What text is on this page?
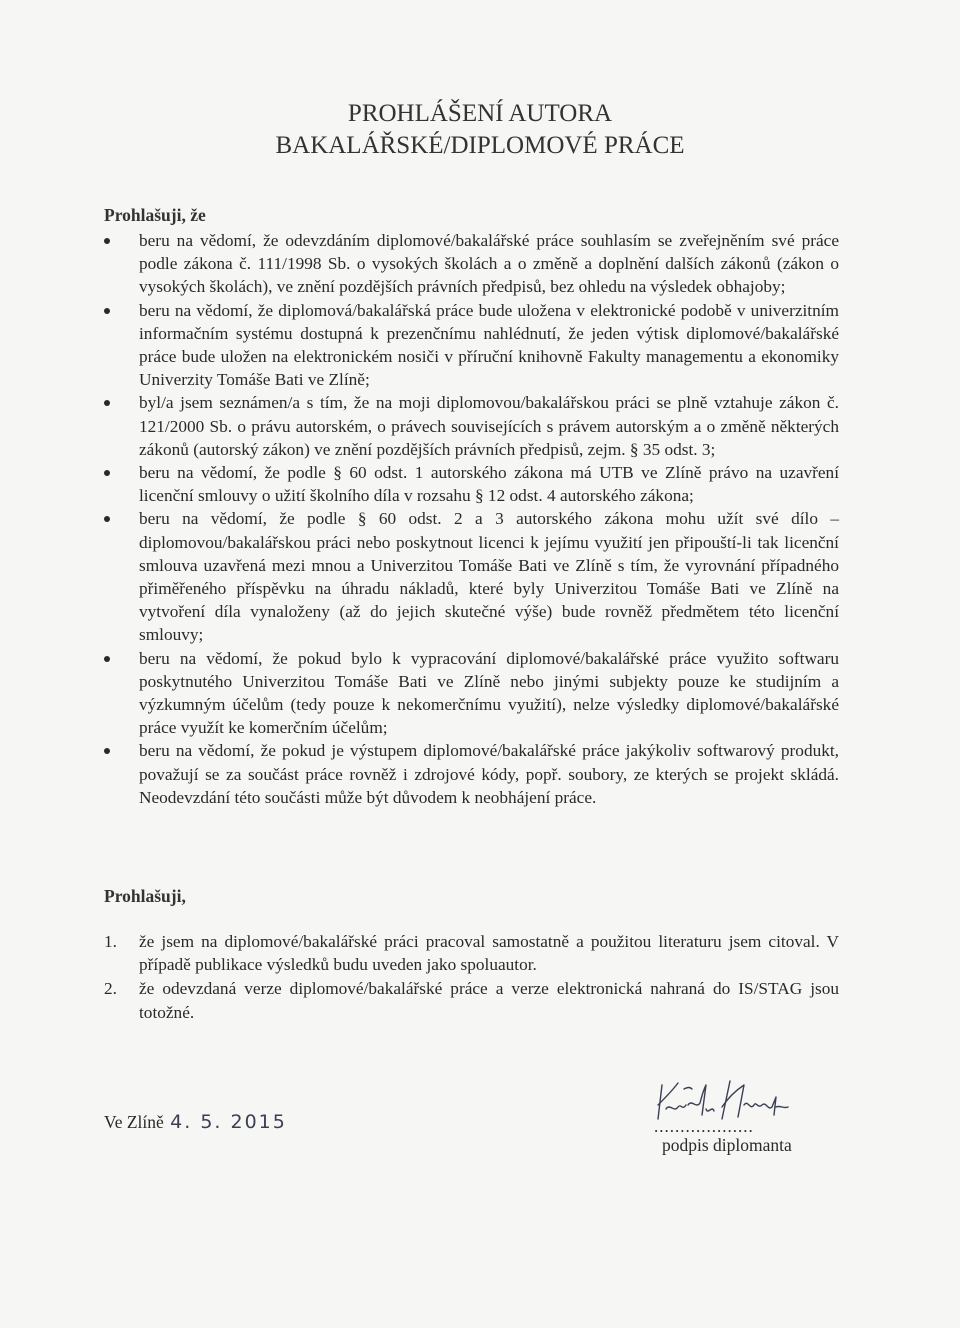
PROHLÁŠENÍ AUTORA
BAKALÁŘSKÉ/DIPLOMOVÉ PRÁCE
Prohlašuji, že
beru na vědomí, že odevzdáním diplomové/bakalářské práce souhlasím se zveřejněním své práce podle zákona č. 111/1998 Sb. o vysokých školách a o změně a doplnění dalších zákonů (zákon o vysokých školách), ve znění pozdějších právních předpisů, bez ohledu na výsledek obhajoby;
beru na vědomí, že diplomová/bakalářská práce bude uložena v elektronické podobě v univerzitním informačním systému dostupná k prezenčnímu nahlédnutí, že jeden výtisk diplomové/bakalářské práce bude uložen na elektronickém nosiči v příruční knihovně Fakulty managementu a ekonomiky Univerzity Tomáše Bati ve Zlíně;
byl/a jsem seznámen/a s tím, že na moji diplomovou/bakalářskou práci se plně vztahuje zákon č. 121/2000 Sb. o právu autorském, o právech souvisejících s právem autorským a o změně některých zákonů (autorský zákon) ve znění pozdějších právních předpisů, zejm. § 35 odst. 3;
beru na vědomí, že podle § 60 odst. 1 autorského zákona má UTB ve Zlíně právo na uzavření licenční smlouvy o užití školního díla v rozsahu § 12 odst. 4 autorského zákona;
beru na vědomí, že podle § 60 odst. 2 a 3 autorského zákona mohu užít své dílo – diplomovou/bakalářskou práci nebo poskytnout licenci k jejímu využití jen připouští-li tak licenční smlouva uzavřená mezi mnou a Univerzitou Tomáše Bati ve Zlíně s tím, že vyrovnání případného přiměřeného příspěvku na úhradu nákladů, které byly Univerzitou Tomáše Bati ve Zlíně na vytvoření díla vynaloženy (až do jejich skutečné výše) bude rovněž předmětem této licenční smlouvy;
beru na vědomí, že pokud bylo k vypracování diplomové/bakalářské práce využito softwaru poskytnutého Univerzitou Tomáše Bati ve Zlíně nebo jinými subjekty pouze ke studijním a výzkumným účelům (tedy pouze k nekomerčnímu využití), nelze výsledky diplomové/bakalářské práce využít ke komerčním účelům;
beru na vědomí, že pokud je výstupem diplomové/bakalářské práce jakýkoliv softwarový produkt, považují se za součást práce rovněž i zdrojové kódy, popř. soubory, ze kterých se projekt skládá. Neodevzdání této součásti může být důvodem k neobhájení práce.
Prohlašuji,
1. že jsem na diplomové/bakalářské práci pracoval samostatně a použitou literaturu jsem citoval. V případě publikace výsledků budu uveden jako spoluautor.
2. že odevzdaná verze diplomové/bakalářské práce a verze elektronická nahraná do IS/STAG jsou totožné.
Ve Zlíně 4. 5. 2015	...................
podpis diplomanta
